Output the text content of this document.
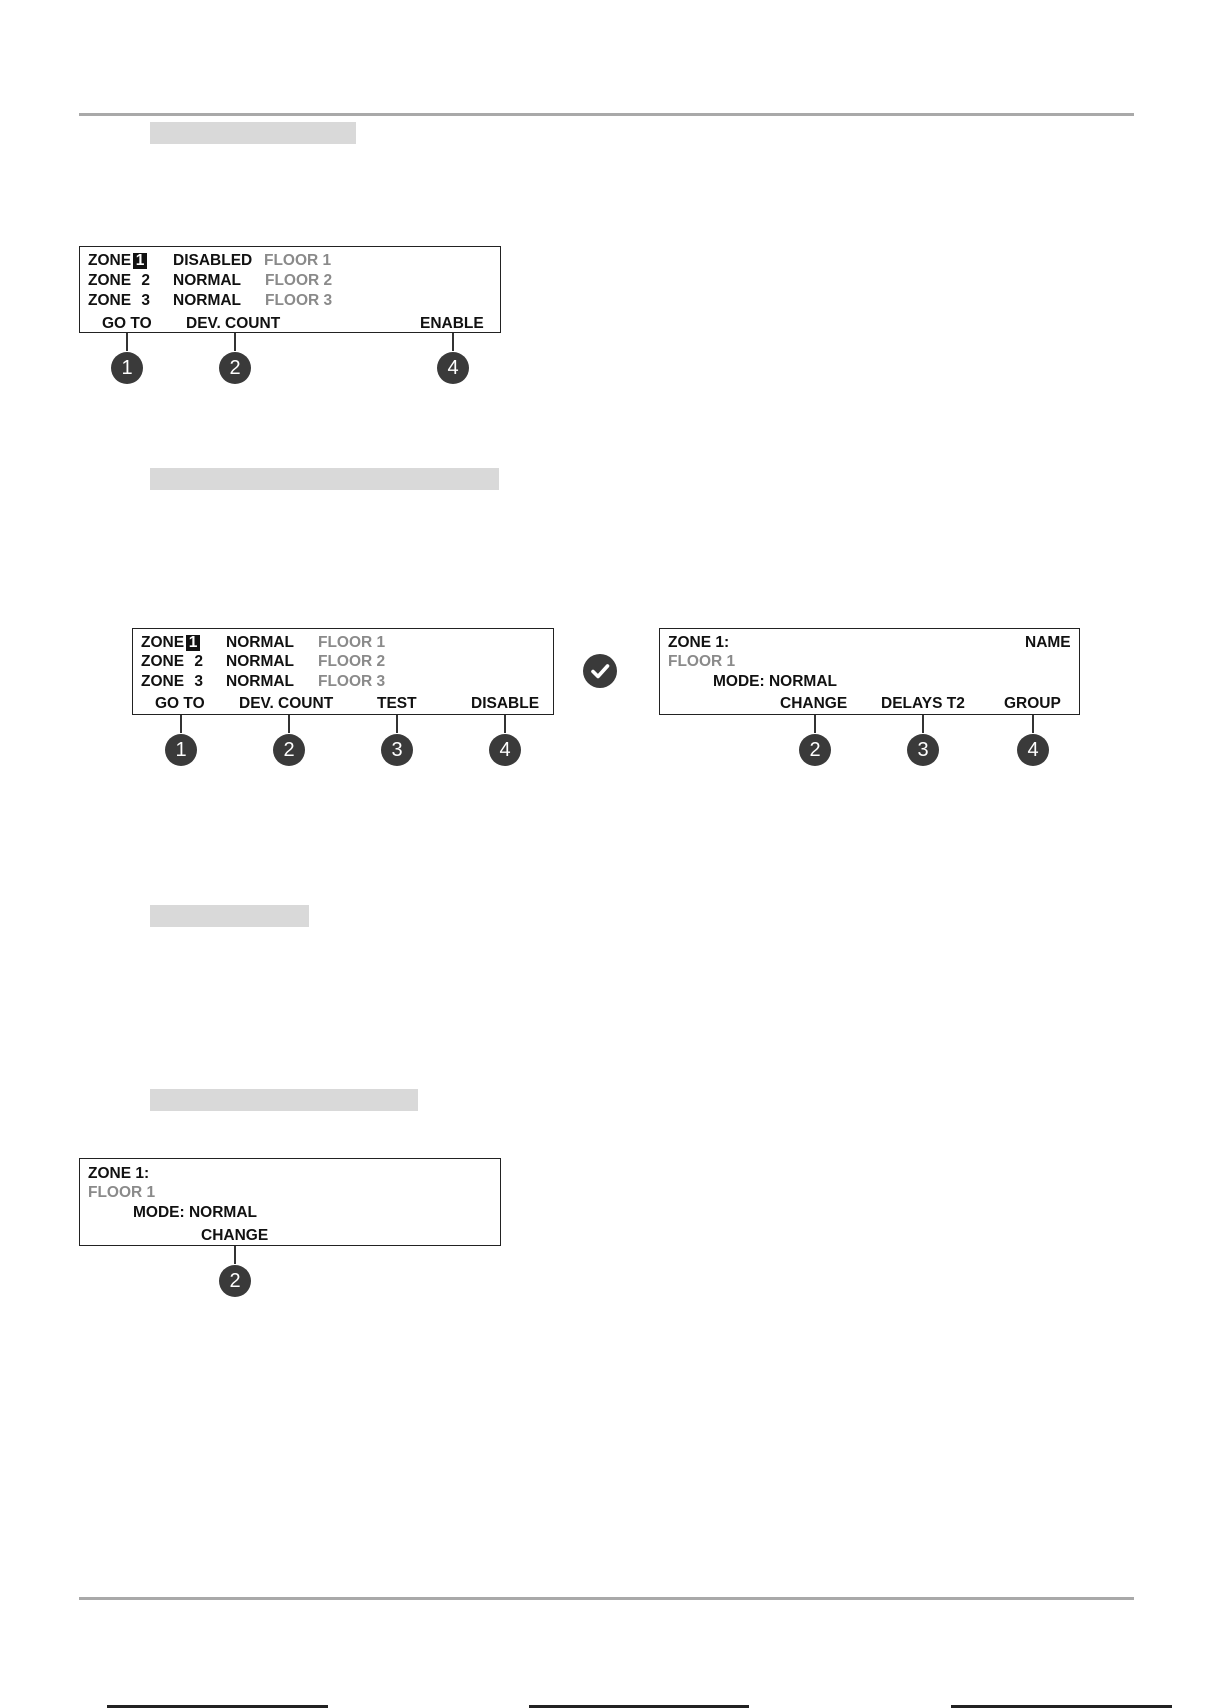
ZONE 1 DISABLED FLOOR 1
ZONE 2 NORMAL FLOOR 2
ZONE 3 NORMAL FLOOR 3
GO TO DEV. COUNT	ENABLE
1	2	4
ZONE 1 NORMAL FLOOR 1
ZONE 2 NORMAL FLOOR 2
ZONE 3 NORMAL FLOOR 3
GO TO DEV. COUNT	TEST	DISABLE
1	2	3	4
ZONE 1:	NAME
FLOOR 1
MODE: NORMAL
CHANGE DELAYS T2	GROUP
2	3	4
ZONE 1:
FLOOR 1
MODE: NORMAL
CHANGE
2
